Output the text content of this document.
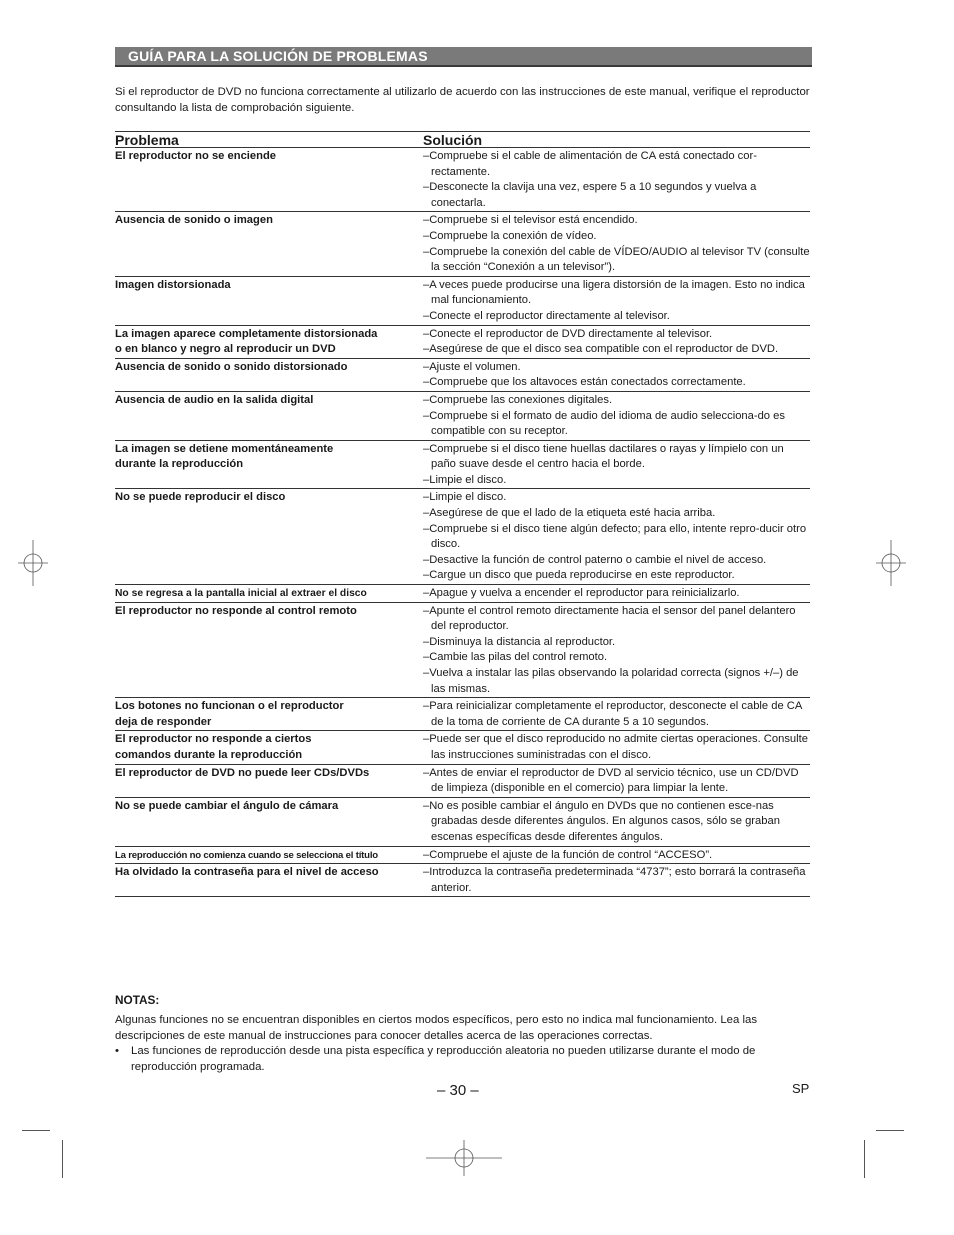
GUÍA PARA LA SOLUCIÓN DE PROBLEMAS
Si el reproductor de DVD no funciona correctamente al utilizarlo de acuerdo con las instrucciones de este manual, verifique el reproductor consultando la lista de comprobación siguiente.
Problema	Solución
El reproductor no se enciende	–Compruebe si el cable de alimentación de CA está conectado cor-rectamente.
–Desconecte la clavija una vez, espere 5 a 10 segundos y vuelva a conectarla.
Ausencia de sonido o imagen	–Compruebe si el televisor está encendido.
–Compruebe la conexión de vídeo.
–Compruebe la conexión del cable de VÍDEO/AUDIO al televisor TV (consulte la sección “Conexión a un televisor”).
Imagen distorsionada	–A veces puede producirse una ligera distorsión de la imagen. Esto no indica mal funcionamiento.
–Conecte el reproductor directamente al televisor.
La imagen aparece completamente distorsionada
o en blanco y negro al reproducir un DVD
–Conecte el reproductor de DVD directamente al televisor.
–Asegúrese de que el disco sea compatible con el reproductor de DVD.
Ausencia de sonido o sonido distorsionado	–Ajuste el volumen.
–Compruebe que los altavoces están conectados correctamente.
Ausencia de audio en la salida digital	–Compruebe las conexiones digitales.
–Compruebe si el formato de audio del idioma de audio selecciona-do es compatible con su receptor.
La imagen se detiene momentáneamente
durante la reproducción
–Compruebe si el disco tiene huellas dactilares o rayas y límpielo con un paño suave desde el centro hacia el borde.
–Limpie el disco.
No se puede reproducir el disco	–Limpie el disco.
–Asegúrese de que el lado de la etiqueta esté hacia arriba.
–Compruebe si el disco tiene algún defecto; para ello, intente repro-ducir otro disco.
–Desactive la función de control paterno o cambie el nivel de acceso.
–Cargue un disco que pueda reproducirse en este reproductor.
No se regresa a la pantalla inicial al extraer el disco	–Apague y vuelva a encender el reproductor para reinicializarlo.
El reproductor no responde al control remoto	–Apunte el control remoto directamente hacia el sensor del panel delantero del reproductor.
–Disminuya la distancia al reproductor.
–Cambie las pilas del control remoto.
–Vuelva a instalar las pilas observando la polaridad correcta (signos +/–) de las mismas.
Los botones no funcionan o el reproductor
deja de responder
–Para reinicializar completamente el reproductor, desconecte el cable de CA de la toma de corriente de CA durante 5 a 10 segundos.
El reproductor no responde a ciertos
comandos durante la reproducción
–Puede ser que el disco reproducido no admite ciertas operaciones. Consulte las instrucciones suministradas con el disco.
El reproductor de DVD no puede leer CDs/DVDs	–Antes de enviar el reproductor de DVD al servicio técnico, use un CD/DVD de limpieza (disponible en el comercio) para limpiar la lente.
No se puede cambiar el ángulo de cámara	–No es posible cambiar el ángulo en DVDs que no contienen esce-nas grabadas desde diferentes ángulos. En algunos casos, sólo se graban escenas específicas desde diferentes ángulos.
La reproducción no comienza cuando se selecciona el título	–Compruebe el ajuste de la función de control “ACCESO”.
Ha olvidado la contraseña para el nivel de acceso	–Introduzca la contraseña predeterminada “4737”; esto borrará la contraseña anterior.
NOTAS:
Algunas funciones no se encuentran disponibles en ciertos modos específicos, pero esto no indica mal funcionamiento. Lea las descripciones de este manual de instrucciones para conocer detalles acerca de las operaciones correctas.
• Las funciones de reproducción desde una pista específica y reproducción aleatoria no pueden utilizarse durante el modo de reproducción programada.
– 30 –	SP
